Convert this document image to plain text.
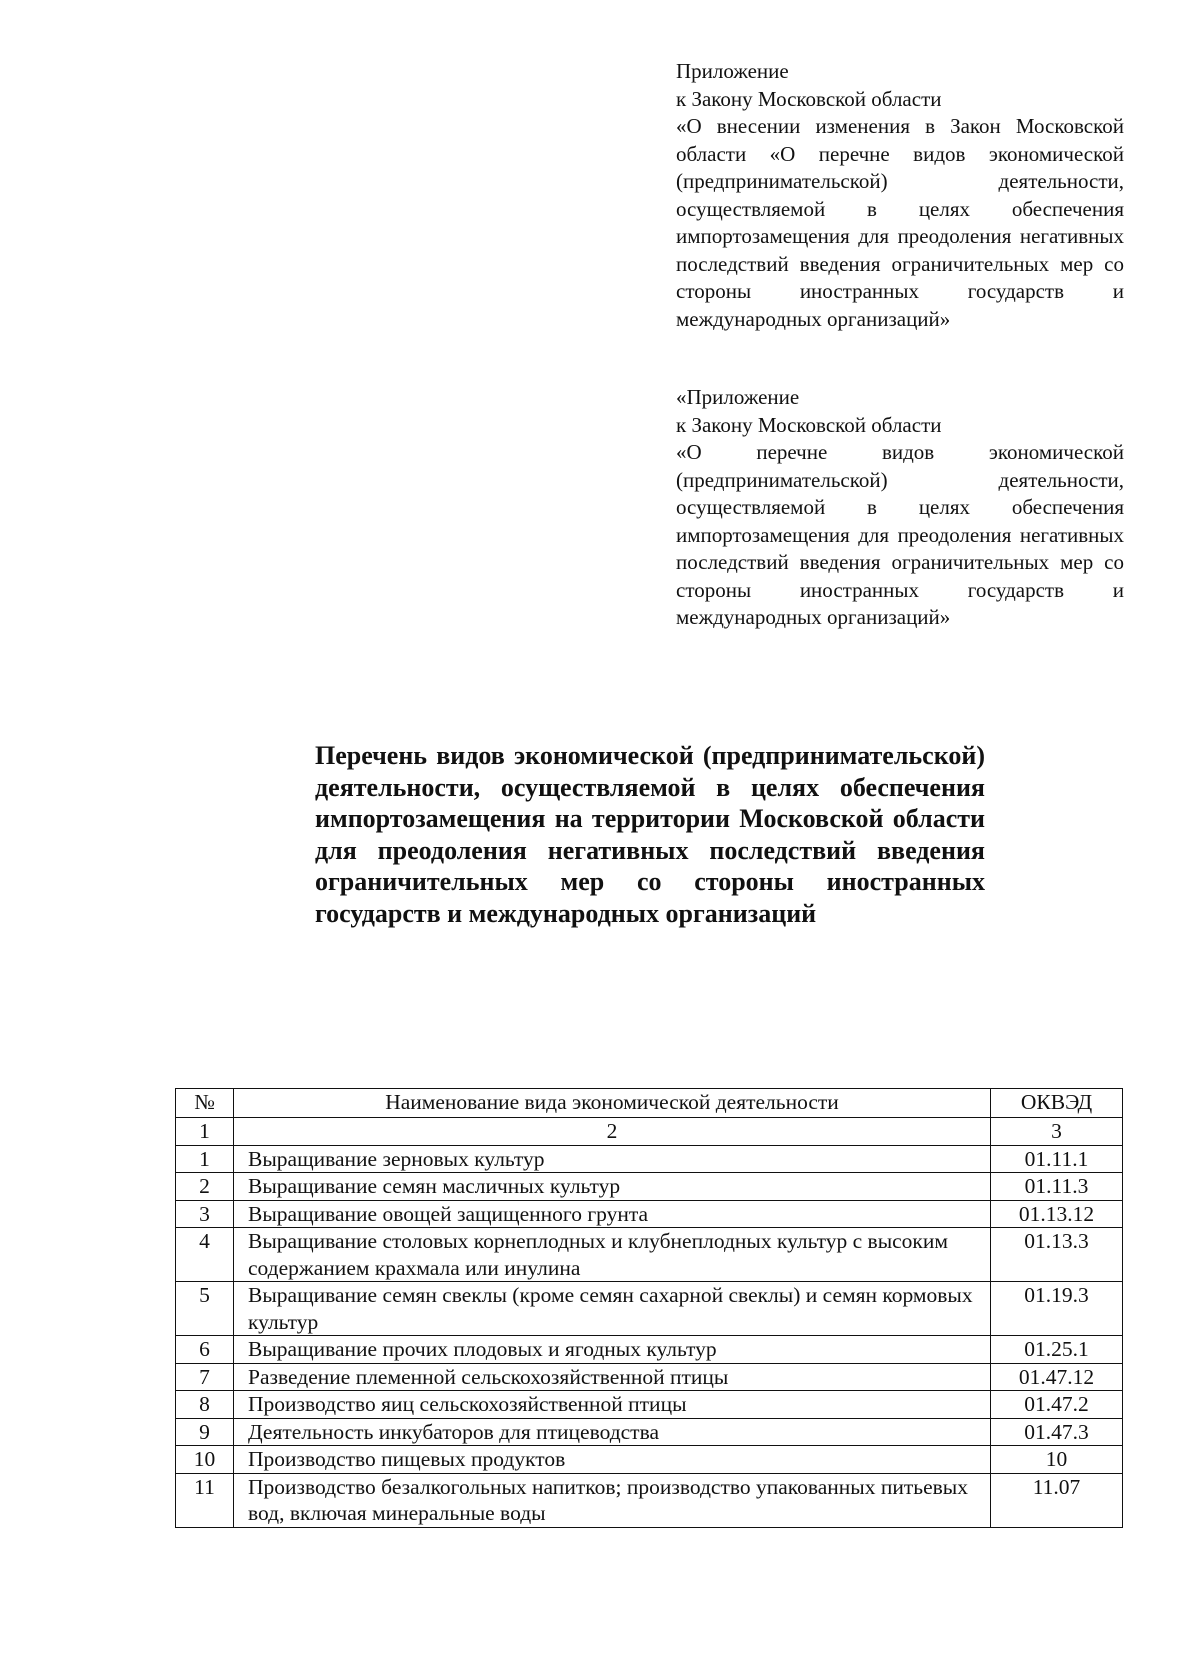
Приложение

к Закону Московской области

«О внесении изменения в Закон Московской области «О перечне видов экономической (предпринимательской) деятельности, осуществляемой в целях обеспечения импортозамещения для преодоления негативных последствий введения ограничительных мер со стороны иностранных государств и международных организаций»

«Приложение

к Закону Московской области

«О перечне видов экономической (предпринимательской) деятельности, осуществляемой в целях обеспечения импортозамещения для преодоления негативных последствий введения ограничительных мер со стороны иностранных государств и международных организаций»

Перечень видов экономической (предпринимательской) деятельности, осуществляемой в целях обеспечения импортозамещения на территории Московской области для преодоления негативных последствий введения ограничительных мер со стороны иностранных государств и международных организаций
№	Наименование вида экономической деятельности	ОКВЭД
1	2	3
1	Выращивание зерновых культур	01.11.1
2	Выращивание семян масличных культур	01.11.3
3	Выращивание овощей защищенного грунта	01.13.12
4	Выращивание столовых корнеплодных и клубнеплодных культур с высоким содержанием крахмала или инулина	01.13.3
5	Выращивание семян свеклы (кроме семян сахарной свеклы) и семян кормовых культур	01.19.3
6	Выращивание прочих плодовых и ягодных культур	01.25.1
7	Разведение племенной сельскохозяйственной птицы	01.47.12
8	Производство яиц сельскохозяйственной птицы	01.47.2
9	Деятельность инкубаторов для птицеводства	01.47.3
10	Производство пищевых продуктов	10
11	Производство безалкогольных напитков; производство упакованных питьевых вод, включая минеральные воды	11.07
